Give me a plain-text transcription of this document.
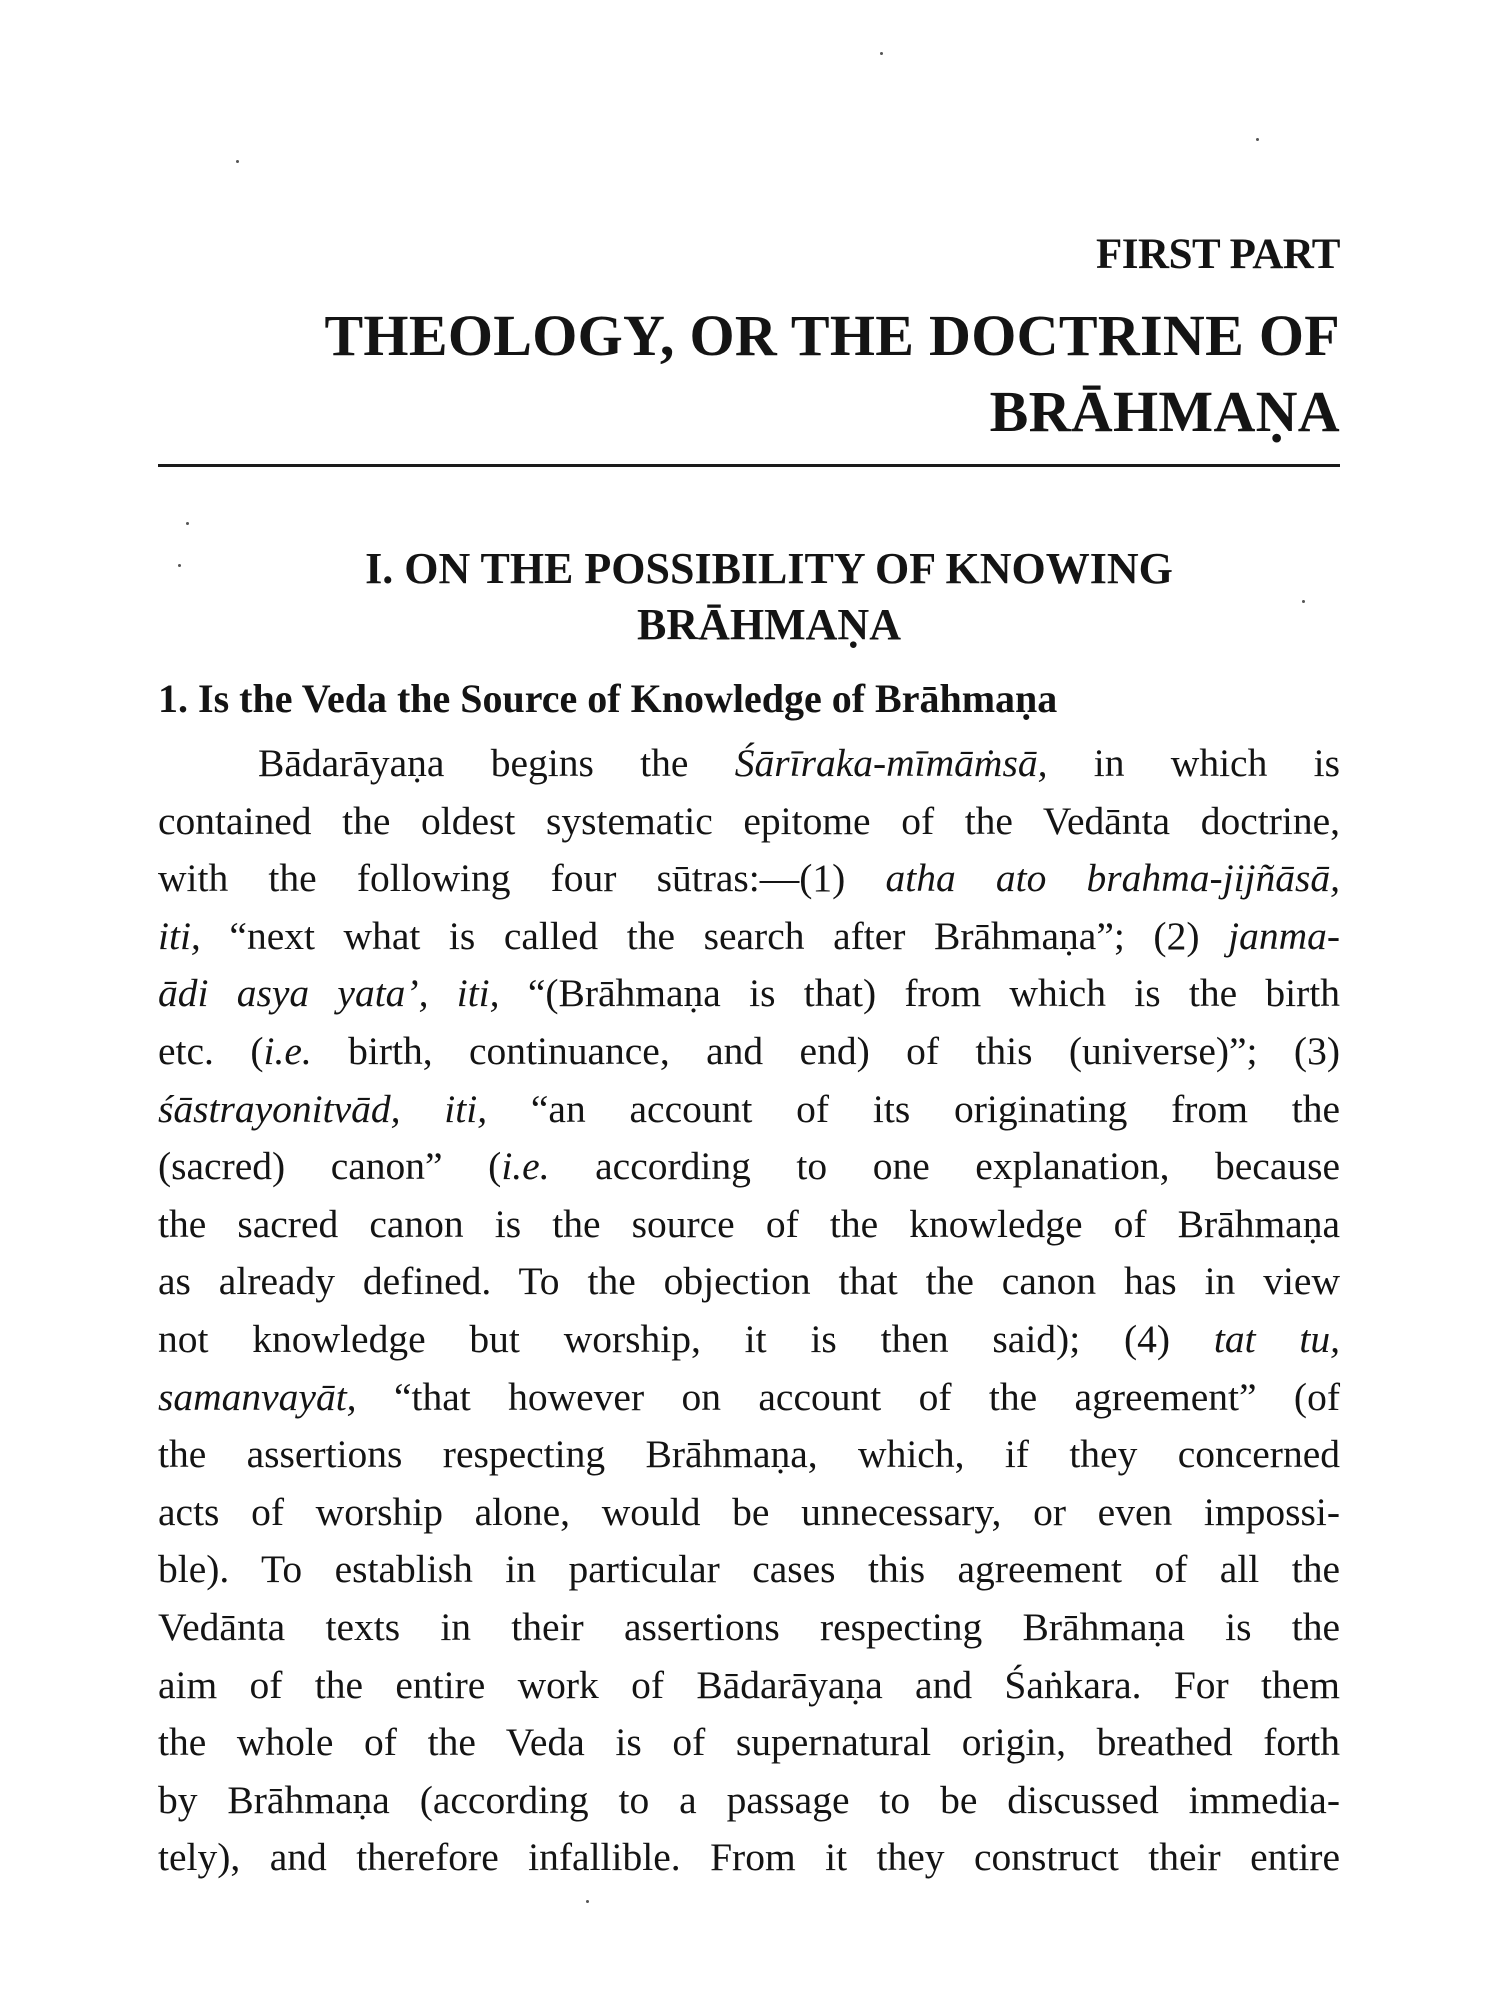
FIRST PART

THEOLOGY, OR THE DOCTRINE OF
BRĀHMAṆA
I. ON THE POSSIBILITY OF KNOWING
BRĀHMAṆA
1. Is the Veda the Source of Knowledge of Brāhmaṇa
Bādarāyaṇa begins the Śārīraka-mīmāṁsā, in which is
contained the oldest systematic epitome of the Vedānta doctrine,
with the following four sūtras:—(1) atha ato brahma-jijñāsā,
iti, “next what is called the search after Brāhmaṇa”; (2) janma-
ādi asya yata’, iti, “(Brāhmaṇa is that) from which is the birth
etc. (i.e. birth, continuance, and end) of this (universe)”; (3)
śāstrayonitvād, iti, “an account of its originating from the
(sacred) canon” (i.e. according to one explanation, because
the sacred canon is the source of the knowledge of Brāhmaṇa
as already defined. To the objection that the canon has in view
not knowledge but worship, it is then said); (4) tat tu,
samanvayāt, “that however on account of the agreement” (of
the assertions respecting Brāhmaṇa, which, if they concerned
acts of worship alone, would be unnecessary, or even impossi-
ble). To establish in particular cases this agreement of all the
Vedānta texts in their assertions respecting Brāhmaṇa is the
aim of the entire work of Bādarāyaṇa and Śaṅkara. For them
the whole of the Veda is of supernatural origin, breathed forth
by Brāhmaṇa (according to a passage to be discussed immedia-
tely), and therefore infallible. From it they construct their entire
